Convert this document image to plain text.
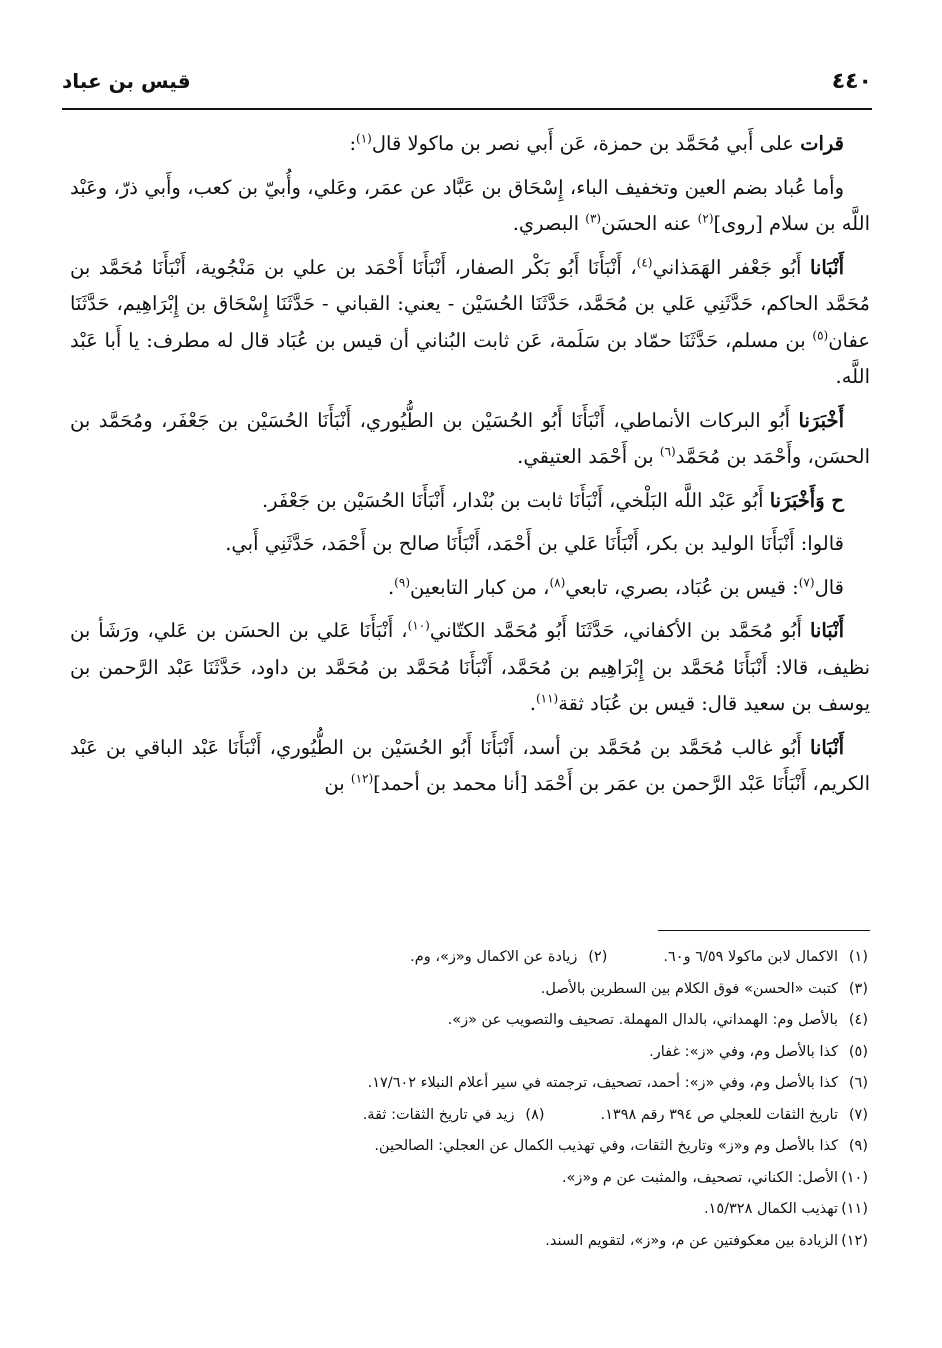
٤٤٠
قيس بن عباد

قرات على أَبي مُحَمَّد بن حمزة، عَن أَبي نصر بن ماكولا قال$^{(١)}$:

وأما عُباد بضم العين وتخفيف الباء، إِسْحَاق بن عَبَّاد عن عمَر، وعَلي، وأُبيّ بن كعب، وأَبي ذرّ، وعَبْد اللَّه بن سلام [روى]$^{(٢)}$ عنه الحسَن$^{(٣)}$ البصري.

أَنْبَانا أَبُو جَعْفر الهَمَذاني$^{(٤)}$، أَنْبَأَنَا أَبُو بَكْر الصفار، أَنْبَأَنَا أَحْمَد بن علي بن مَنْجُوية، أَنْبَأَنَا مُحَمَّد بن مُحَمَّد الحاكم، حَدَّثَنِي عَلي بن مُحَمَّد، حَدَّثَنَا الحُسَيْن - يعني: القباني - حَدَّثَنَا إِسْحَاق بن إِبْرَاهِيم، حَدَّثَنَا عفان$^{(٥)}$ بن مسلم، حَدَّثَنَا حمّاد بن سَلَمة، عَن ثابت البُناني أن قيس بن عُبَاد قال له مطرف: يا أَبا عَبْد اللَّه.

أَخْبَرَنا أَبُو البركات الأنماطي، أَنْبَأَنَا أَبُو الحُسَيْن بن الطُّيُوري، أَنْبَأَنَا الحُسَيْن بن جَعْفَر، ومُحَمَّد بن الحسَن، وأَحْمَد بن مُحَمَّد$^{(٦)}$ بن أَحْمَد العتيقي.

ح وَأَخْبَرَنا أَبُو عَبْد اللَّه البَلْخي، أَنْبَأَنَا ثابت بن بُنْدار، أَنْبَأَنَا الحُسَيْن بن جَعْفَر.

قالوا: أَنْبَأَنَا الوليد بن بكر، أَنْبَأَنَا عَلي بن أَحْمَد، أَنْبَأَنَا صالح بن أَحْمَد، حَدَّثَنِي أَبي.

قال$^{(٧)}$: قيس بن عُبَاد، بصري، تابعي$^{(٨)}$، من كبار التابعين$^{(٩)}$.

أَنْبَانا أَبُو مُحَمَّد بن الأكفاني، حَدَّثَنَا أَبُو مُحَمَّد الكتّاني$^{(١٠)}$، أَنْبَأَنَا عَلي بن الحسَن بن عَلي، ورَشَأ بن نظيف، قالا: أَنْبَأَنَا مُحَمَّد بن إِبْرَاهِيم بن مُحَمَّد، أَنْبَأَنَا مُحَمَّد بن مُحَمَّد بن داود، حَدَّثَنَا عَبْد الرَّحمن بن يوسف بن سعيد قال: قيس بن عُبَاد ثقة$^{(١١)}$.

أَنْبَانا أَبُو غالب مُحَمَّد بن مُحَمَّد بن أسد، أَنْبَأَنَا أَبُو الحُسَيْن بن الطُّيُوري، أَنْبَأَنَا عَبْد الباقي بن عَبْد الكريم، أَنْبَأَنَا عَبْد الرَّحمن بن عمَر بن أَحْمَد [أنا محمد بن أحمد]$^{(١٢)}$ بن

(١)الاكمال لابن ماكولا ٦/٥٩ و٦٠.
(٢)زيادة عن الاكمال و«ز»، وم.
(٣)كتبت «الحسن» فوق الكلام بين السطرين بالأصل.
(٤)بالأصل وم: الهمداني، بالدال المهملة. تصحيف والتصويب عن «ز».
(٥)كذا بالأصل وم، وفي «ز»: غفار.
(٦)كذا بالأصل وم، وفي «ز»: أحمد، تصحيف، ترجمته في سير أعلام النبلاء ١٧/٦٠٢.
(٧)تاريخ الثقات للعجلي ص ٣٩٤ رقم ١٣٩٨.
(٨)زيد في تاريخ الثقات: ثقة.
(٩)كذا بالأصل وم و«ز» وتاريخ الثقات، وفي تهذيب الكمال عن العجلي: الصالحين.
(١٠)الأصل: الكناني، تصحيف، والمثبت عن م و«ز».
(١١)تهذيب الكمال ١٥/٣٢٨.
(١٢)الزيادة بين معكوفتين عن م، و«ز»، لتقويم السند.
